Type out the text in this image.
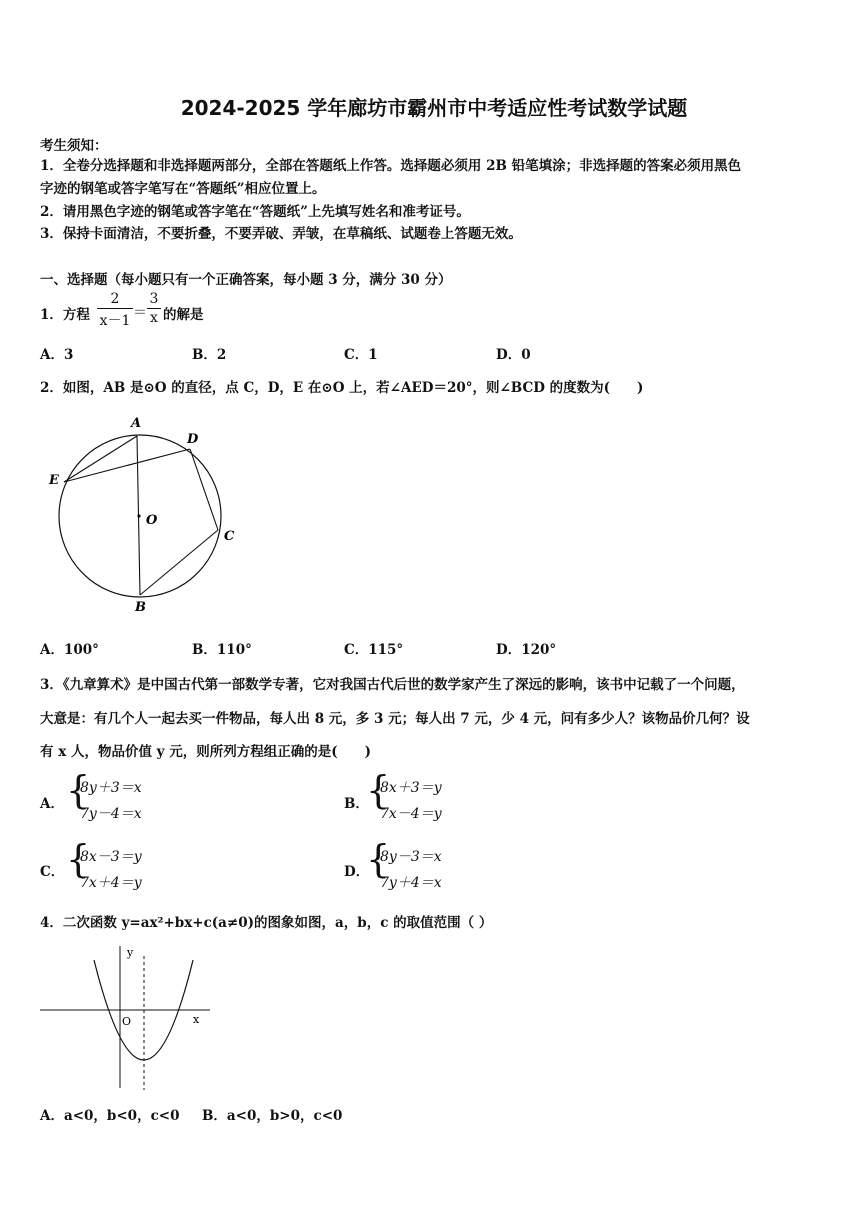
2024-2025 学年廊坊市霸州市中考适应性考试数学试题
考生须知：
1．全卷分选择题和非选择题两部分，全部在答题纸上作答。选择题必须用 2B 铅笔填涂；非选择题的答案必须用黑色
字迹的钢笔或答字笔写在“答题纸”相应位置上。
2．请用黑色字迹的钢笔或答字笔在“答题纸”上先填写姓名和准考证号。
3．保持卡面清洁，不要折叠，不要弄破、弄皱，在草稿纸、试题卷上答题无效。
一、选择题（每小题只有一个正确答案，每小题 3 分，满分 30 分）
1．方程
2
x－1 ＝
3
x 的解是
A．3	B．2	C．1	D．0
2．如图，AB 是⊙O 的直径，点 C，D，E 在⊙O 上，若∠AED＝20°，则∠BCD 的度数为(　　)
A
D
E
O
C
B
A．100°	B．110°	C．115°	D．120°
3．《九章算术》是中国古代第一部数学专著，它对我国古代后世的数学家产生了深远的影响，该书中记载了一个问题，
大意是：有几个人一起去买一件物品，每人出 8 元，多 3 元；每人出 7 元，少 4 元，问有多少人？该物品价几何？设
有 x 人，物品价值 y 元，则所列方程组正确的是(　　)
A． {
8y＋3＝x
7y－4＝x
B．
{
8x＋3＝y
7x－4＝y
C． {
8x－3＝y
7x＋4＝y
D．
{
8y－3＝x
7y＋4＝x
4．二次函数 y=ax²+bx+c(a≠0)的图象如图，a，b，c 的取值范围（ ）
y
x
O
A．a<0，b<0，c<0 B．a<0，b>0，c<0
